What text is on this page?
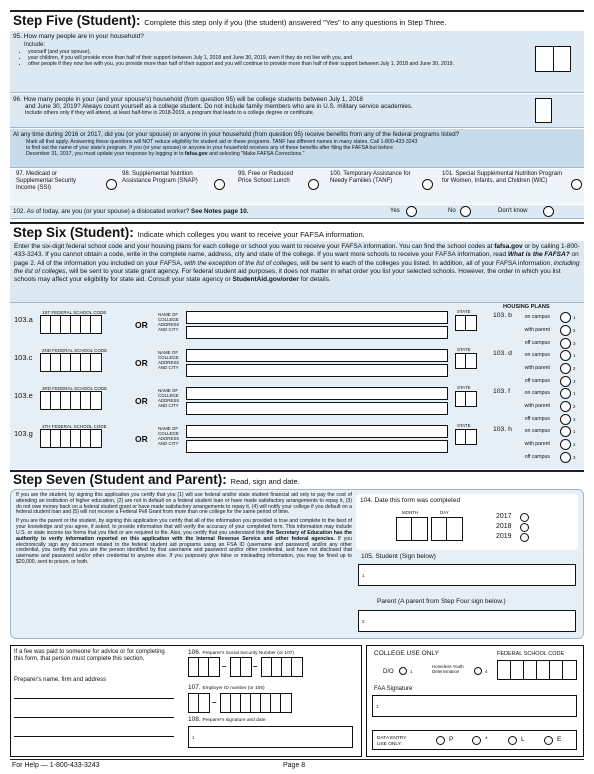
Step Five (Student): Complete this step only if you (the student) answered "Yes" to any questions in Step Three.
95. How many people are in your household?
Include:
• yourself (and your spouse),
• your children, if you will provide more than half of their support between July 1, 2018 and June 30, 2019, even if they do not live with you, and
• other people if they now live with you, you provide more than half of their support and you will continue to provide more than half of their support between July 1, 2018 and June 30, 2019.
96. How many people in your (and your spouse's) household (from question 95) will be college students between July 1, 2018
and June 30, 2019? Always count yourself as a college student. Do not include family members who are in U.S. military service academies.
Include others only if they will attend, at least half-time in 2018-2019, a program that leads to a college degree or certificate.
At any time during 2016 or 2017, did you (or your spouse) or anyone in your household (from question 95) receive benefits from any of the federal programs listed?
Mark all that apply. Answering these questions will NOT reduce eligibility for student aid or these programs. TANF has different names in many states. Call 1-800-433-3243
to find out the name of your state's program. If you (or your spouse) or anyone in your household receives any of these benefits after filing the FAFSA but before
December 31, 2017, you must update your response by logging in to fafsa.gov and selecting "Make FAFSA Corrections."
97. Medicaid or Supplemental Security Income (SSI)
98. Supplemental Nutrition Assistance Program (SNAP)
99. Free or Reduced Price School Lunch
100. Temporary Assistance for Needy Families (TANF)
101. Special Supplemental Nutrition Program for Women, Infants, and Children (WIC)
102. As of today, are you (or your spouse) a dislocated worker? See Notes page 10.	Yes	No	Don't know
Step Six (Student): Indicate which colleges you want to receive your FAFSA information.
Enter the six-digit federal school code and your housing plans for each college or school you want to receive your FAFSA information. You can find the school codes at fafsa.gov or by calling 1-800-433-3243. If you cannot obtain a code, write in the complete name, address, city and state of the college. If you want more schools to receive your FAFSA information, read What is the FAFSA? on page 2. All of the information you included on your FAFSA, with the exception of the list of colleges, will be sent to each of the colleges you listed. In addition, all of your FAFSA information, including the list of colleges, will be sent to your state grant agency. For federal student aid purposes, it does not matter in what order you list your selected schools. However, the order in which you list schools may affect your eligibility for state aid. Consult your state agency or StudentAid.gov/order for details.
HOUSING PLANS
1ST FEDERAL SCHOOL CODE
103.a
OR
NAME OF
COLLEGE
ADDRESS
AND CITY
STATE
103. b	on campus	1
with parent	2
off campus	3
2ND FEDERAL SCHOOL CODE
103.c
OR
NAME OF
COLLEGE
ADDRESS
AND CITY
STATE
103. d	on campus	1
with parent	2
off campus	3
3RD FEDERAL SCHOOL CODE
103.e
OR
NAME OF
COLLEGE
ADDRESS
AND CITY
STATE
103. f	on campus	1
with parent	2
off campus	3
4TH FEDERAL SCHOOL CODE
103.g
OR
NAME OF
COLLEGE
ADDRESS
AND CITY
STATE
103. h	on campus	1
with parent	2
off campus	3
Step Seven (Student and Parent): Read, sign and date.

If you are the student, by signing this application you certify that you (1) will use federal and/or state student financial aid only to pay the cost of attending an institution of higher education, (2) are not in default on a federal student loan or have made satisfactory arrangements to repay it, (3) do not owe money back on a federal student grant or have made satisfactory arrangements to repay it, (4) will notify your college if you default on a federal student loan and (5) will not receive a Federal Pell Grant from more than one college for the same period of time.

If you are the parent or the student, by signing this application you certify that all of the information you provided is true and complete to the best of your knowledge and you agree, if asked, to provide information that will verify the accuracy of your completed form. This information may include U.S. or state income tax forms that you filed or are required to file. Also, you certify that you understand that the Secretary of Education has the authority to verify information reported on this application with the Internal Revenue Service and other federal agencies. If you electronically sign any document related to the federal student aid programs using an FSA ID (username and password) and/or any other credential, you certify that you are the person identified by that username and password and/or other credential, and have not disclosed that username and password and/or other credential to anyone else. If you purposely give false or misleading information, you may be fined up to $20,000, sent to prison, or both.

104. Date this form was completed
MONTH	DAY
2017
2018
2019
105. Student (Sign below)
1
Parent (A parent from Step Four sign below.)
2
If a fee was paid to someone for advice or for completing this form, that person must complete this section.
Preparer's name, firm and address
106. Preparer's Social Security Number (or 107)
–	–
107. Employer ID number (or 106)
–
108. Preparer's signature and date
1
COLLEGE USE ONLY	FEDERAL SCHOOL CODE
D/O	1
Homeless Youth Determination	4
FAA Signature
1
DATA ENTRY USE ONLY:
P	*	L	E
For Help — 1-800-433-3243	Page 8
